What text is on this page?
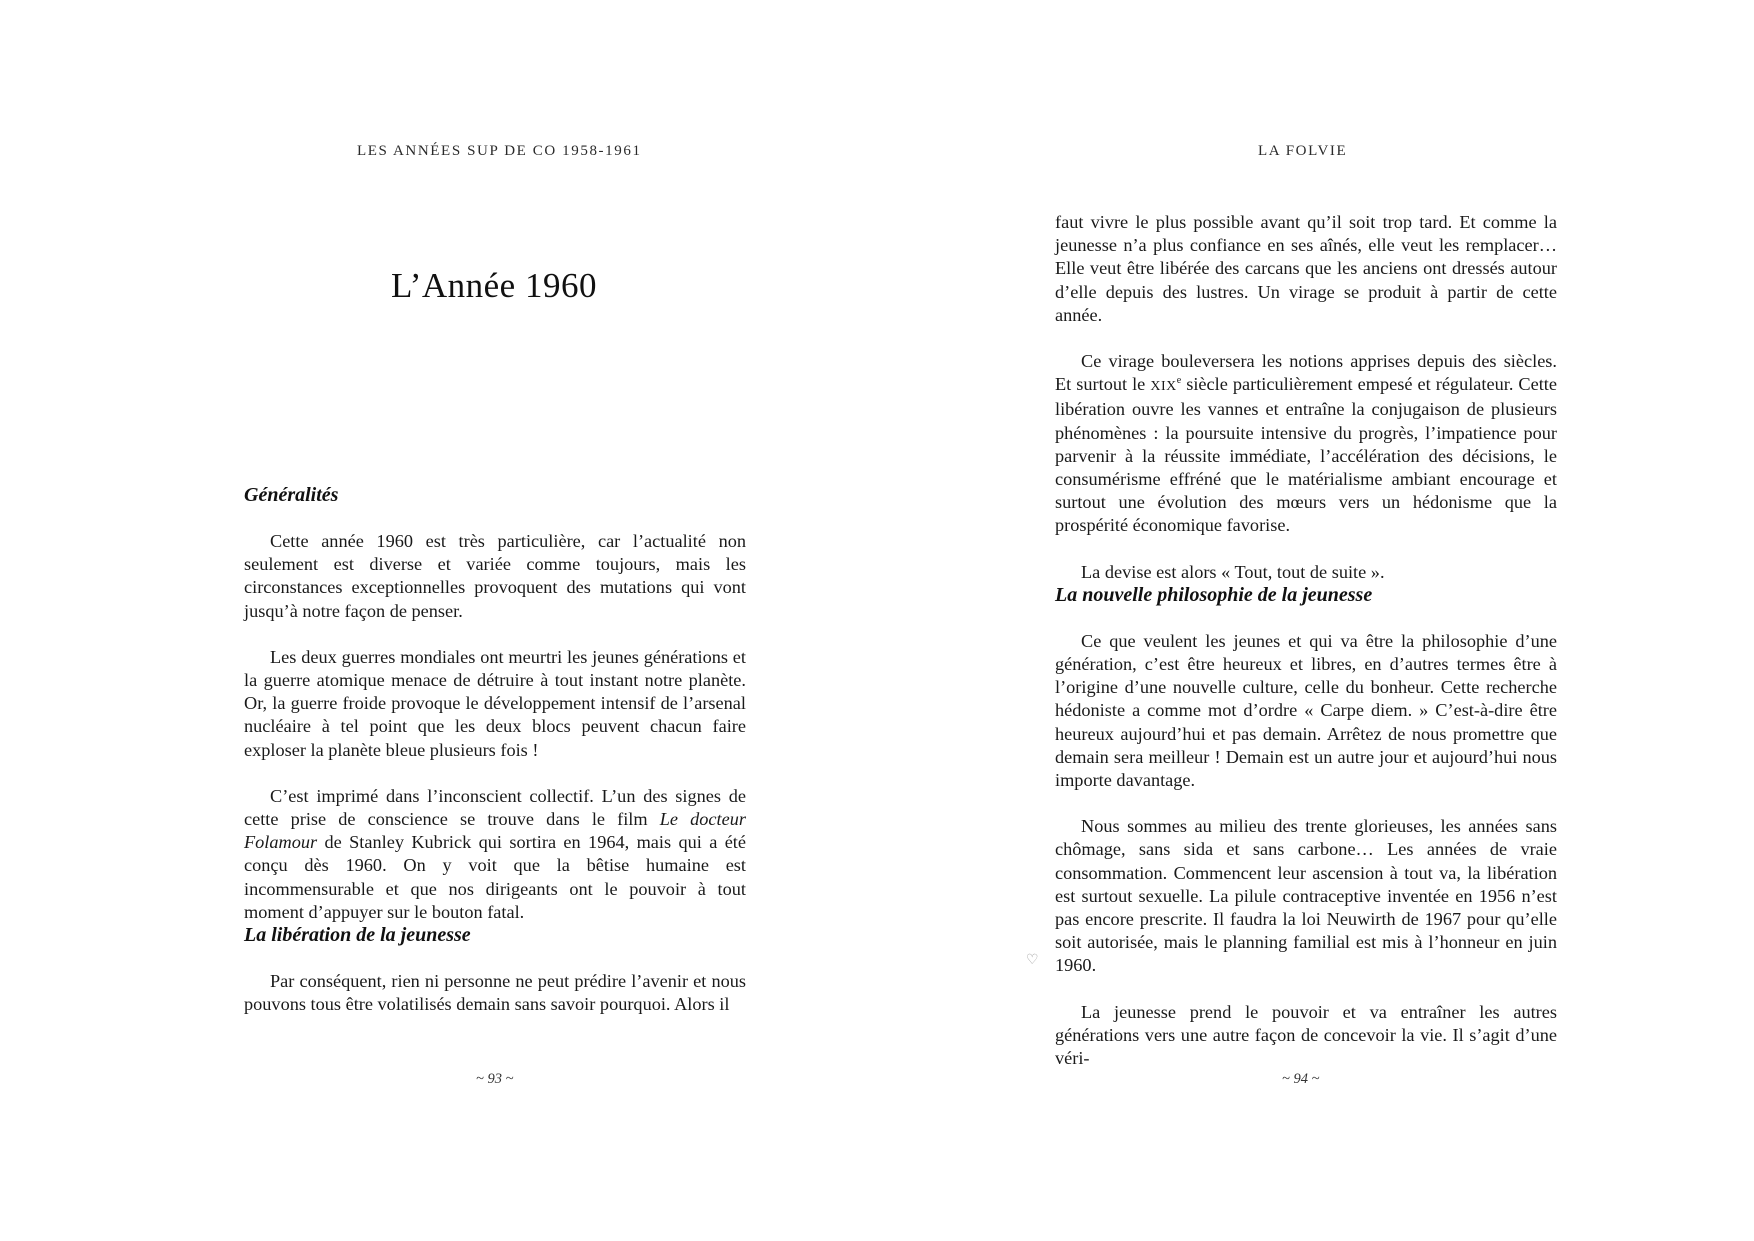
LES ANNÉES SUP DE CO 1958-1961

L’Année 1960
Généralités

Cette année 1960 est très particulière, car l’actualité non seulement est diverse et variée comme toujours, mais les circonstances exceptionnelles provoquent des mutations qui vont jusqu’à notre façon de penser.

Les deux guerres mondiales ont meurtri les jeunes générations et la guerre atomique menace de détruire à tout instant notre planète. Or, la guerre froide provoque le développement intensif de l’arsenal nucléaire à tel point que les deux blocs peuvent chacun faire exploser la planète bleue plusieurs fois !

C’est imprimé dans l’inconscient collectif. L’un des signes de cette prise de conscience se trouve dans le film Le docteur Folamour de Stanley Kubrick qui sortira en 1964, mais qui a été conçu dès 1960. On y voit que la bêtise humaine est incommensurable et que nos dirigeants ont le pouvoir à tout moment d’appuyer sur le bouton fatal.

La libération de la jeunesse

Par conséquent, rien ni personne ne peut prédire l’avenir et nous pouvons tous être volatilisés demain sans savoir pourquoi. Alors il

~ 93 ~

LA FOLVIE

faut vivre le plus possible avant qu’il soit trop tard. Et comme la jeunesse n’a plus confiance en ses aînés, elle veut les remplacer… Elle veut être libérée des carcans que les anciens ont dressés autour d’elle depuis des lustres. Un virage se produit à partir de cette année.

Ce virage bouleversera les notions apprises depuis des siècles. Et surtout le XIXe siècle particulièrement empesé et régulateur. Cette libération ouvre les vannes et entraîne la conjugaison de plusieurs phénomènes : la poursuite intensive du progrès, l’impatience pour parvenir à la réussite immédiate, l’accélération des décisions, le consumérisme effréné que le matérialisme ambiant encourage et surtout une évolution des mœurs vers un hédonisme que la prospérité économique favorise.

La devise est alors « Tout, tout de suite ».

La nouvelle philosophie de la jeunesse

Ce que veulent les jeunes et qui va être la philosophie d’une génération, c’est être heureux et libres, en d’autres termes être à l’origine d’une nouvelle culture, celle du bonheur. Cette recherche hédoniste a comme mot d’ordre « Carpe diem. » C’est-à-dire être heureux aujourd’hui et pas demain. Arrêtez de nous promettre que demain sera meilleur ! Demain est un autre jour et aujourd’hui nous importe davantage.

Nous sommes au milieu des trente glorieuses, les années sans chômage, sans sida et sans carbone… Les années de vraie consommation. Commencent leur ascension à tout va, la libération est surtout sexuelle. La pilule contraceptive inventée en 1956 n’est pas encore prescrite. Il faudra la loi Neuwirth de 1967 pour qu’elle soit autorisée, mais le planning familial est mis à l’honneur en juin 1960.

La jeunesse prend le pouvoir et va entraîner les autres générations vers une autre façon de concevoir la vie. Il s’agit d’une véri-

♡

~ 94 ~
